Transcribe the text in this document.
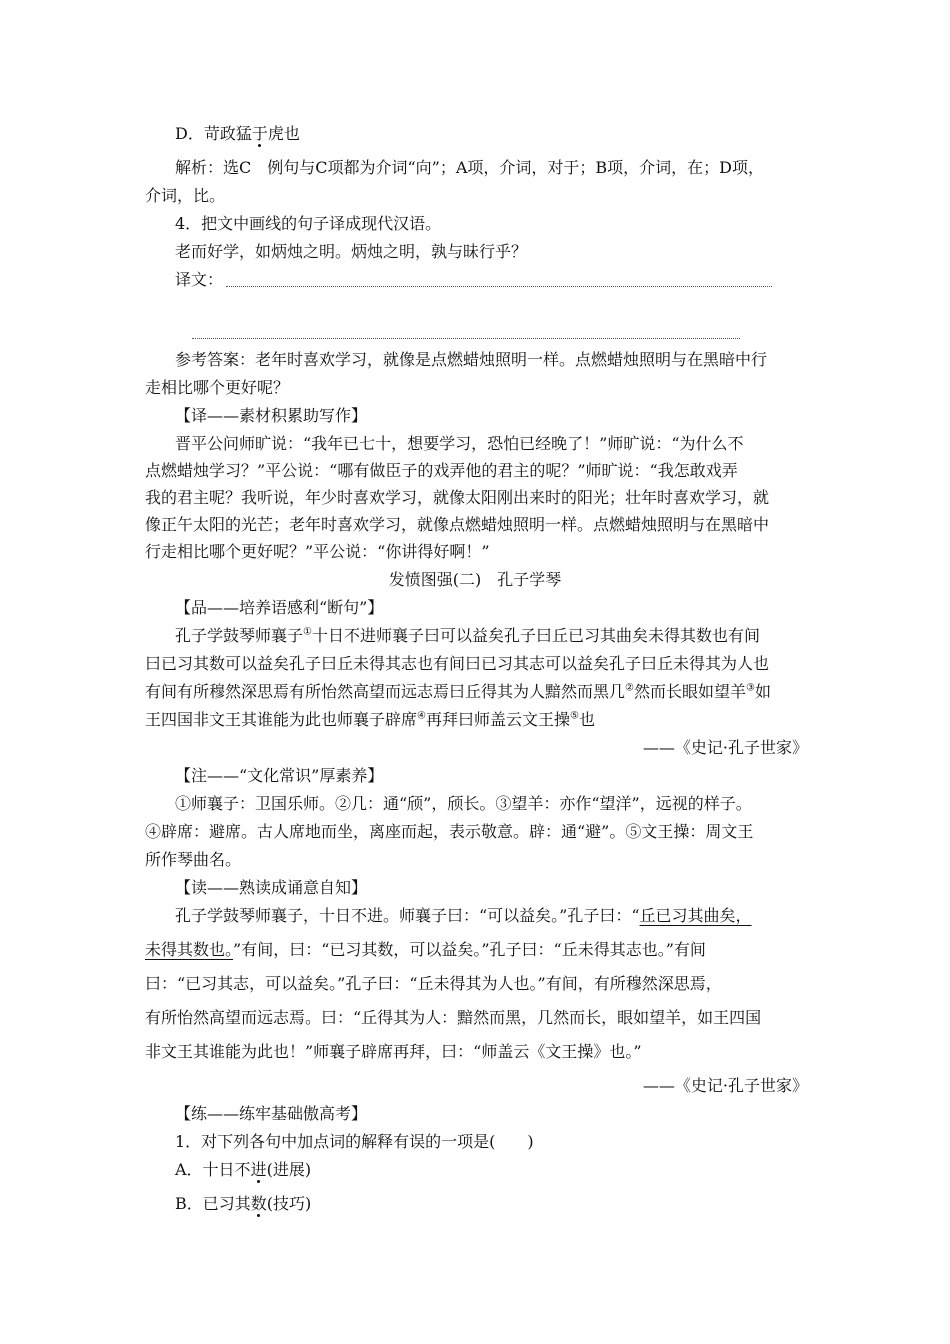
D．苛政猛于虎也
解析：选C　例句与C项都为介词“向”；A项，介词，对于；B项，介词，在；D项，
介词，比。
4．把文中画线的句子译成现代汉语。
老而好学，如炳烛之明。炳烛之明，孰与昧行乎？
译文：
参考答案：老年时喜欢学习，就像是点燃蜡烛照明一样。点燃蜡烛照明与在黑暗中行
走相比哪个更好呢？
【译——素材积累助写作】
晋平公问师旷说：“我年已七十，想要学习，恐怕已经晚了！”师旷说：“为什么不
点燃蜡烛学习？”平公说：“哪有做臣子的戏弄他的君主的呢？”师旷说：“我怎敢戏弄
我的君主呢？我听说，年少时喜欢学习，就像太阳刚出来时的阳光；壮年时喜欢学习，就
像正午太阳的光芒；老年时喜欢学习，就像点燃蜡烛照明一样。点燃蜡烛照明与在黑暗中
行走相比哪个更好呢？”平公说：“你讲得好啊！”
发愤图强(二)　孔子学琴
【品——培养语感利“断句”】
孔子学鼓琴师襄子①十日不进师襄子曰可以益矣孔子曰丘已习其曲矣未得其数也有间
曰已习其数可以益矣孔子曰丘未得其志也有间曰已习其志可以益矣孔子曰丘未得其为人也
有间有所穆然深思焉有所怡然高望而远志焉曰丘得其为人黯然而黑几②然而长眼如望羊③如
王四国非文王其谁能为此也师襄子辟席④再拜曰师盖云文王操⑤也
——《史记·孔子世家》
【注——“文化常识”厚素养】
①师襄子：卫国乐师。②几：通“颀”，颀长。③望羊：亦作“望洋”，远视的样子。
④辟席：避席。古人席地而坐，离座而起，表示敬意。辟：通“避”。⑤文王操：周文王
所作琴曲名。
【读——熟读成诵意自知】
孔子学鼓琴师襄子，十日不进。师襄子曰：“可以益矣。”孔子曰：“丘已习其曲矣，
未得其数也。”有间，曰：“已习其数，可以益矣。”孔子曰：“丘未得其志也。”有间
曰：“已习其志，可以益矣。”孔子曰：“丘未得其为人也。”有间，有所穆然深思焉，
有所怡然高望而远志焉。曰：“丘得其为人：黯然而黑，几然而长，眼如望羊，如王四国
非文王其谁能为此也！”师襄子辟席再拜，曰：“师盖云《文王操》也。”
——《史记·孔子世家》
【练——练牢基础傲高考】
1．对下列各句中加点词的解释有误的一项是(　　)
A．十日不进(进展)
B．已习其数(技巧)
